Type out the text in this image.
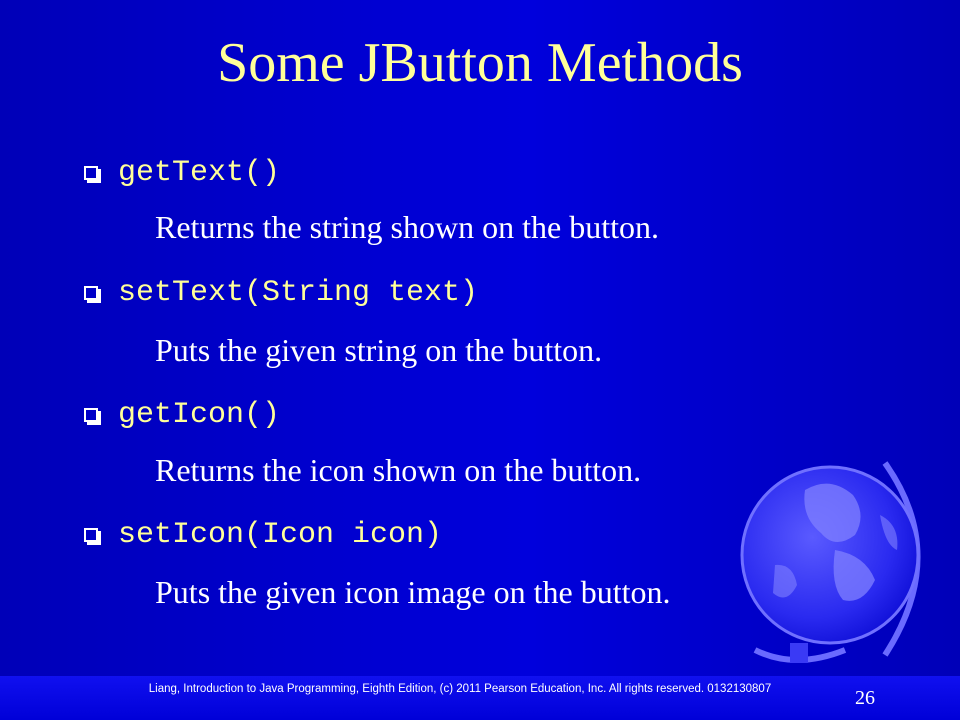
Some JButton Methods
getText()
Returns the string shown on the button.
setText(String text)
Puts the given string on the button.
getIcon()
Returns the icon shown on the button.
setIcon(Icon icon)
Puts the given icon image on the button.
Liang, Introduction to Java Programming, Eighth Edition, (c) 2011 Pearson Education, Inc. All rights reserved. 0132130807	26
